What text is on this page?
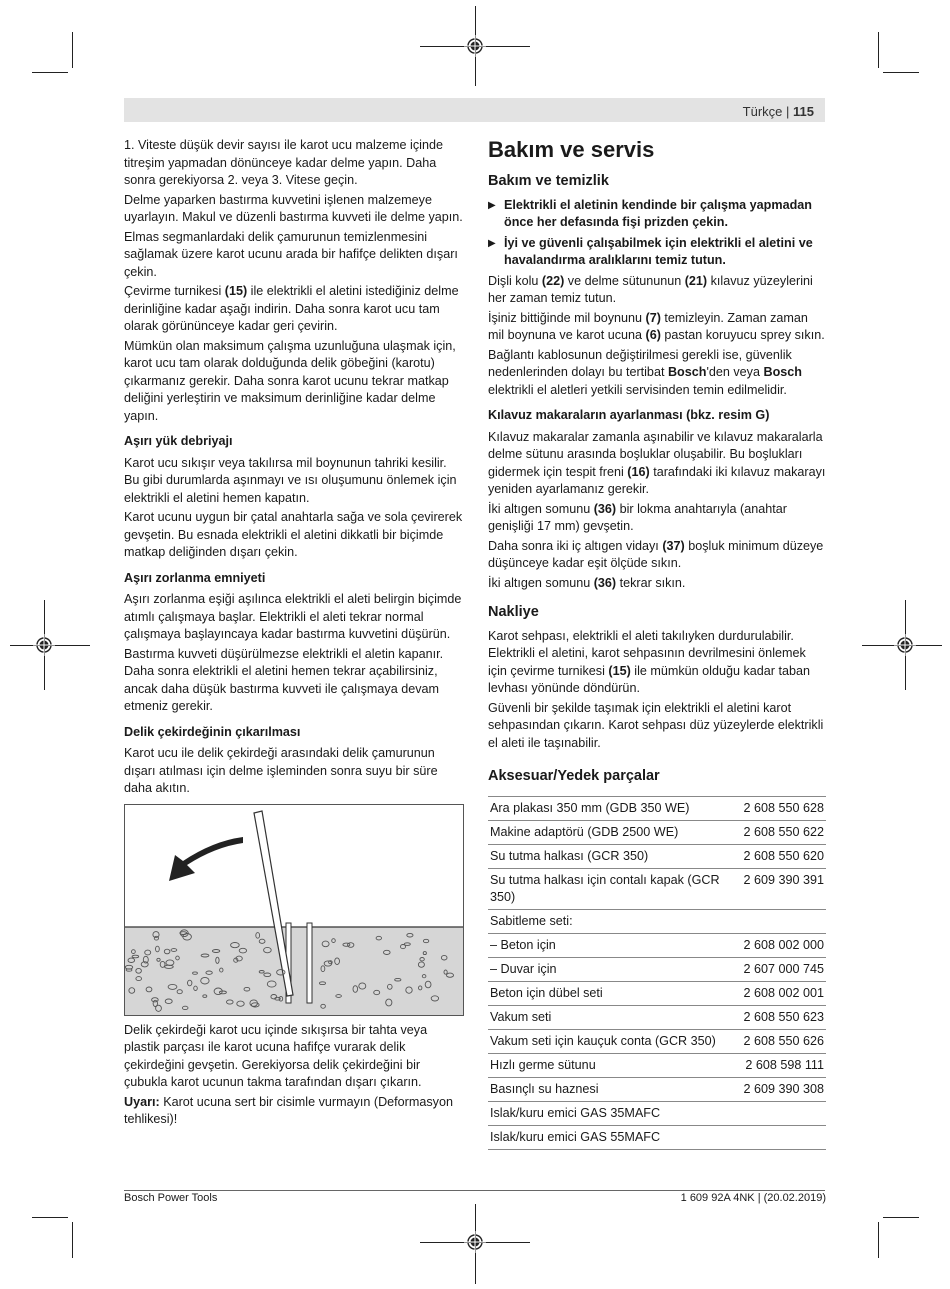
Türkçe | 115

1. Viteste düşük devir sayısı ile karot ucu malzeme içinde titreşim yapmadan dönünceye kadar delme yapın. Daha sonra gerekiyorsa 2. veya 3. Vitese geçin.

Delme yaparken bastırma kuvvetini işlenen malzemeye uyarlayın. Makul ve düzenli bastırma kuvveti ile delme yapın.

Elmas segmanlardaki delik çamurunun temizlenmesini sağlamak üzere karot ucunu arada bir hafifçe delikten dışarı çekin.

Çevirme turnikesi (15) ile elektrikli el aletini istediğiniz delme derinliğine kadar aşağı indirin. Daha sonra karot ucu tam olarak görününceye kadar geri çevirin.

Mümkün olan maksimum çalışma uzunluğuna ulaşmak için, karot ucu tam olarak dolduğunda delik göbeğini (karotu) çıkarmanız gerekir. Daha sonra karot ucunu tekrar matkap deliğini yerleştirin ve maksimum derinliğine kadar delme yapın.

Aşırı yük debriyajı

Karot ucu sıkışır veya takılırsa mil boynunun tahriki kesilir. Bu gibi durumlarda aşınmayı ve ısı oluşumunu önlemek için elektrikli el aletini hemen kapatın.

Karot ucunu uygun bir çatal anahtarla sağa ve sola çevirerek gevşetin. Bu esnada elektrikli el aletini dikkatli bir biçimde matkap deliğinden dışarı çekin.

Aşırı zorlanma emniyeti

Aşırı zorlanma eşiği aşılınca elektrikli el aleti belirgin biçimde atımlı çalışmaya başlar. Elektrikli el aleti tekrar normal çalışmaya başlayıncaya kadar bastırma kuvvetini düşürün.

Bastırma kuvveti düşürülmezse elektrikli el aletin kapanır. Daha sonra elektrikli el aletini hemen tekrar açabilirsiniz, ancak daha düşük bastırma kuvveti ile çalışmaya devam etmeniz gerekir.

Delik çekirdeğinin çıkarılması

Karot ucu ile delik çekirdeği arasındaki delik çamurunun dışarı atılması için delme işleminden sonra suyu bir süre daha akıtın.

Delik çekirdeği karot ucu içinde sıkışırsa bir tahta veya plastik parçası ile karot ucuna hafifçe vurarak delik çekirdeğini gevşetin. Gerekiyorsa delik çekirdeğini bir çubukla karot ucunun takma tarafından dışarı çıkarın.

Uyarı: Karot ucuna sert bir cisimle vurmayın (Deformasyon tehlikesi)!

Bakım ve servis
Bakım ve temizlik
▶ Elektrikli el aletinin kendinde bir çalışma yapmadan önce her defasında fişi prizden çekin.
▶ İyi ve güvenli çalışabilmek için elektrikli el aletini ve havalandırma aralıklarını temiz tutun.

Dişli kolu (22) ve delme sütununun (21) kılavuz yüzeylerini her zaman temiz tutun.

İşiniz bittiğinde mil boynunu (7) temizleyin. Zaman zaman mil boynuna ve karot ucuna (6) pastan koruyucu sprey sıkın.

Bağlantı kablosunun değiştirilmesi gerekli ise, güvenlik nedenlerinden dolayı bu tertibat Bosch'den veya Bosch elektrikli el aletleri yetkili servisinden temin edilmelidir.

Kılavuz makaraların ayarlanması (bkz. resim G)

Kılavuz makaralar zamanla aşınabilir ve kılavuz makaralarla delme sütunu arasında boşluklar oluşabilir. Bu boşlukları gidermek için tespit freni (16) tarafındaki iki kılavuz makarayı yeniden ayarlamanız gerekir.

İki altıgen somunu (36) bir lokma anahtarıyla (anahtar genişliği 17 mm) gevşetin.

Daha sonra iki iç altıgen vidayı (37) boşluk minimum düzeye düşünceye kadar eşit ölçüde sıkın.

İki altıgen somunu (36) tekrar sıkın.

Nakliye

Karot sehpası, elektrikli el aleti takılıyken durdurulabilir. Elektrikli el aletini, karot sehpasının devrilmesini önlemek için çevirme turnikesi (15) ile mümkün olduğu kadar taban levhası yönünde döndürün.

Güvenli bir şekilde taşımak için elektrikli el aletini karot sehpasından çıkarın. Karot sehpası düz yüzeylerde elektrikli el aleti ile taşınabilir.

Aksesuar/Yedek parçalar
Ara plakası 350 mm (GDB 350 WE)	2 608 550 628
Makine adaptörü (GDB 2500 WE)	2 608 550 622
Su tutma halkası (GCR 350)	2 608 550 620
Su tutma halkası için contalı kapak (GCR 350)	2 609 390 391
Sabitleme seti:	
– Beton için	2 608 002 000
– Duvar için	2 607 000 745
Beton için dübel seti	2 608 002 001
Vakum seti	2 608 550 623
Vakum seti için kauçuk conta (GCR 350)	2 608 550 626
Hızlı germe sütunu	2 608 598 111
Basınçlı su haznesi	2 609 390 308
Islak/kuru emici GAS 35MAFC	
Islak/kuru emici GAS 55MAFC	
Bosch Power Tools	1 609 92A 4NK | (20.02.2019)
